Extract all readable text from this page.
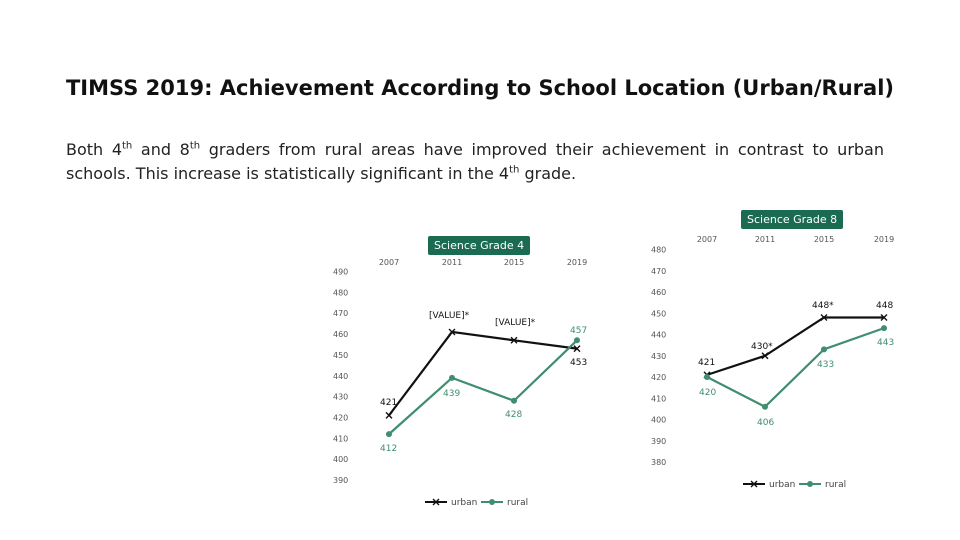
TIMSS 2019: Achievement According to School Location (Urban/Rural)
Both 4th and 8th graders from rural areas have improved their achievement in contrast to urban schools. This increase is statistically significant in the 4th grade.
Science Grade 4
Science Grade 8
390
400
410
420
430
440
450
460
470
480
490
2007	2011	2015	2019
421
[VALUE]*
[VALUE]*
453
412
439
428
457
urban	rural
380
390
400
410
420
430
440
450
460
470
480
2007	2011	2015	2019
421
430*
448*	448
420
406
433
443
urban	rural
